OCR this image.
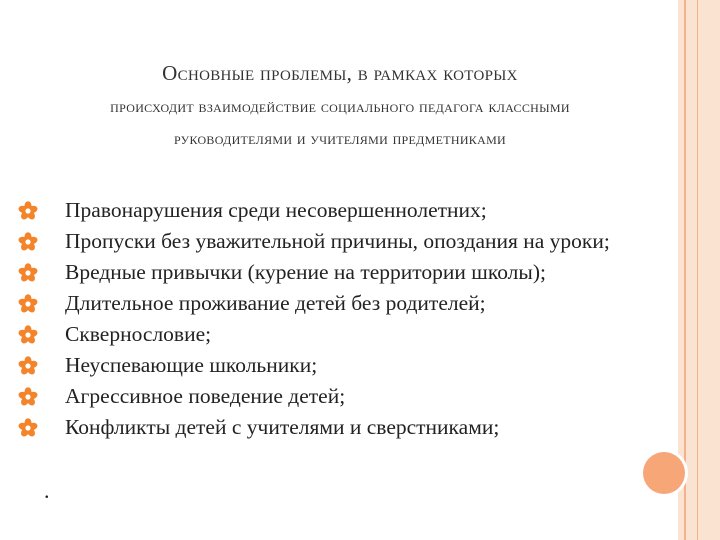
Основные проблемы, в рамках которых
происходит взаимодействие социального педагога классными руководителями и учителями предметниками
Правонарушения среди несовершеннолетних;
Пропуски без уважительной причины, опоздания на уроки;
Вредные привычки (курение на территории школы);
Длительное проживание детей без родителей;
Сквернословие;
Неуспевающие школьники;
Агрессивное поведение детей;
Конфликты детей с учителями и сверстниками;
.
